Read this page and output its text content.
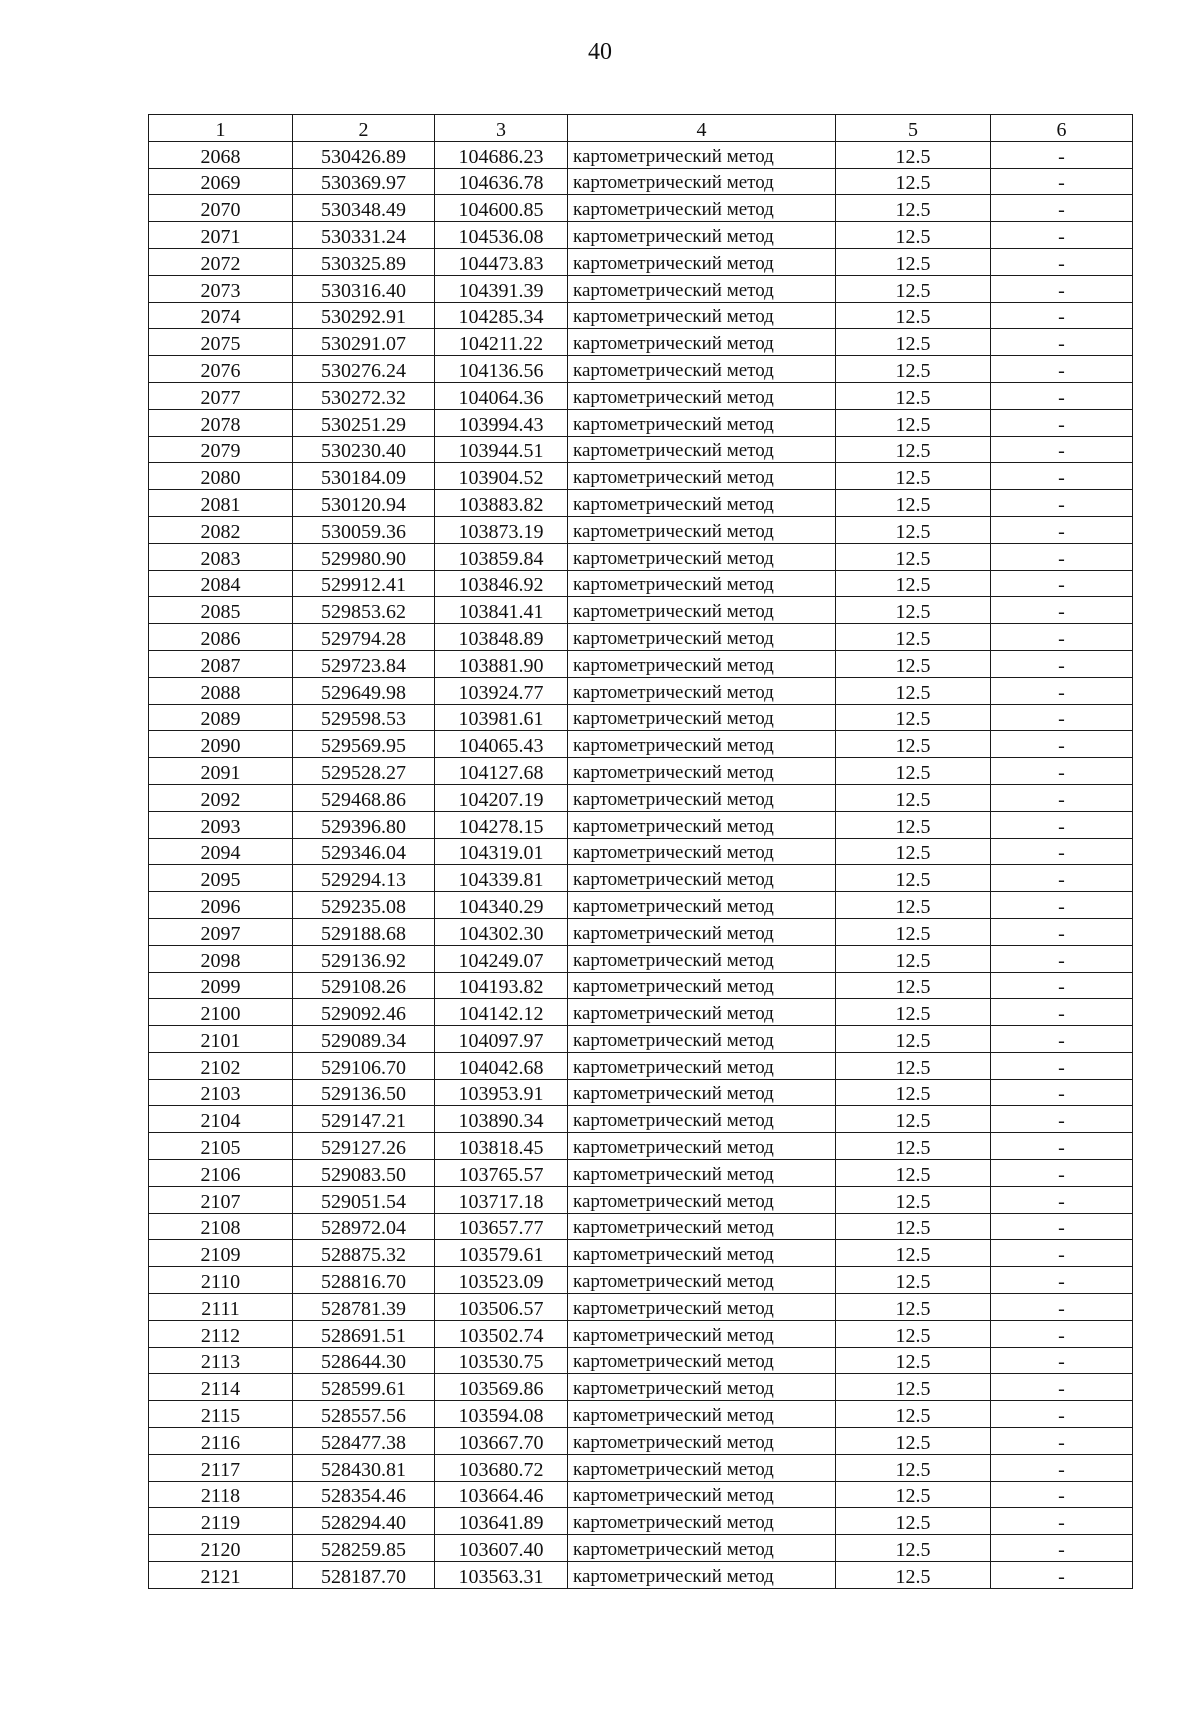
40
1	2	3	4	5	6
2068	530426.89	104686.23	картометрический метод	12.5	-
2069	530369.97	104636.78	картометрический метод	12.5	-
2070	530348.49	104600.85	картометрический метод	12.5	-
2071	530331.24	104536.08	картометрический метод	12.5	-
2072	530325.89	104473.83	картометрический метод	12.5	-
2073	530316.40	104391.39	картометрический метод	12.5	-
2074	530292.91	104285.34	картометрический метод	12.5	-
2075	530291.07	104211.22	картометрический метод	12.5	-
2076	530276.24	104136.56	картометрический метод	12.5	-
2077	530272.32	104064.36	картометрический метод	12.5	-
2078	530251.29	103994.43	картометрический метод	12.5	-
2079	530230.40	103944.51	картометрический метод	12.5	-
2080	530184.09	103904.52	картометрический метод	12.5	-
2081	530120.94	103883.82	картометрический метод	12.5	-
2082	530059.36	103873.19	картометрический метод	12.5	-
2083	529980.90	103859.84	картометрический метод	12.5	-
2084	529912.41	103846.92	картометрический метод	12.5	-
2085	529853.62	103841.41	картометрический метод	12.5	-
2086	529794.28	103848.89	картометрический метод	12.5	-
2087	529723.84	103881.90	картометрический метод	12.5	-
2088	529649.98	103924.77	картометрический метод	12.5	-
2089	529598.53	103981.61	картометрический метод	12.5	-
2090	529569.95	104065.43	картометрический метод	12.5	-
2091	529528.27	104127.68	картометрический метод	12.5	-
2092	529468.86	104207.19	картометрический метод	12.5	-
2093	529396.80	104278.15	картометрический метод	12.5	-
2094	529346.04	104319.01	картометрический метод	12.5	-
2095	529294.13	104339.81	картометрический метод	12.5	-
2096	529235.08	104340.29	картометрический метод	12.5	-
2097	529188.68	104302.30	картометрический метод	12.5	-
2098	529136.92	104249.07	картометрический метод	12.5	-
2099	529108.26	104193.82	картометрический метод	12.5	-
2100	529092.46	104142.12	картометрический метод	12.5	-
2101	529089.34	104097.97	картометрический метод	12.5	-
2102	529106.70	104042.68	картометрический метод	12.5	-
2103	529136.50	103953.91	картометрический метод	12.5	-
2104	529147.21	103890.34	картометрический метод	12.5	-
2105	529127.26	103818.45	картометрический метод	12.5	-
2106	529083.50	103765.57	картометрический метод	12.5	-
2107	529051.54	103717.18	картометрический метод	12.5	-
2108	528972.04	103657.77	картометрический метод	12.5	-
2109	528875.32	103579.61	картометрический метод	12.5	-
2110	528816.70	103523.09	картометрический метод	12.5	-
2111	528781.39	103506.57	картометрический метод	12.5	-
2112	528691.51	103502.74	картометрический метод	12.5	-
2113	528644.30	103530.75	картометрический метод	12.5	-
2114	528599.61	103569.86	картометрический метод	12.5	-
2115	528557.56	103594.08	картометрический метод	12.5	-
2116	528477.38	103667.70	картометрический метод	12.5	-
2117	528430.81	103680.72	картометрический метод	12.5	-
2118	528354.46	103664.46	картометрический метод	12.5	-
2119	528294.40	103641.89	картометрический метод	12.5	-
2120	528259.85	103607.40	картометрический метод	12.5	-
2121	528187.70	103563.31	картометрический метод	12.5	-
